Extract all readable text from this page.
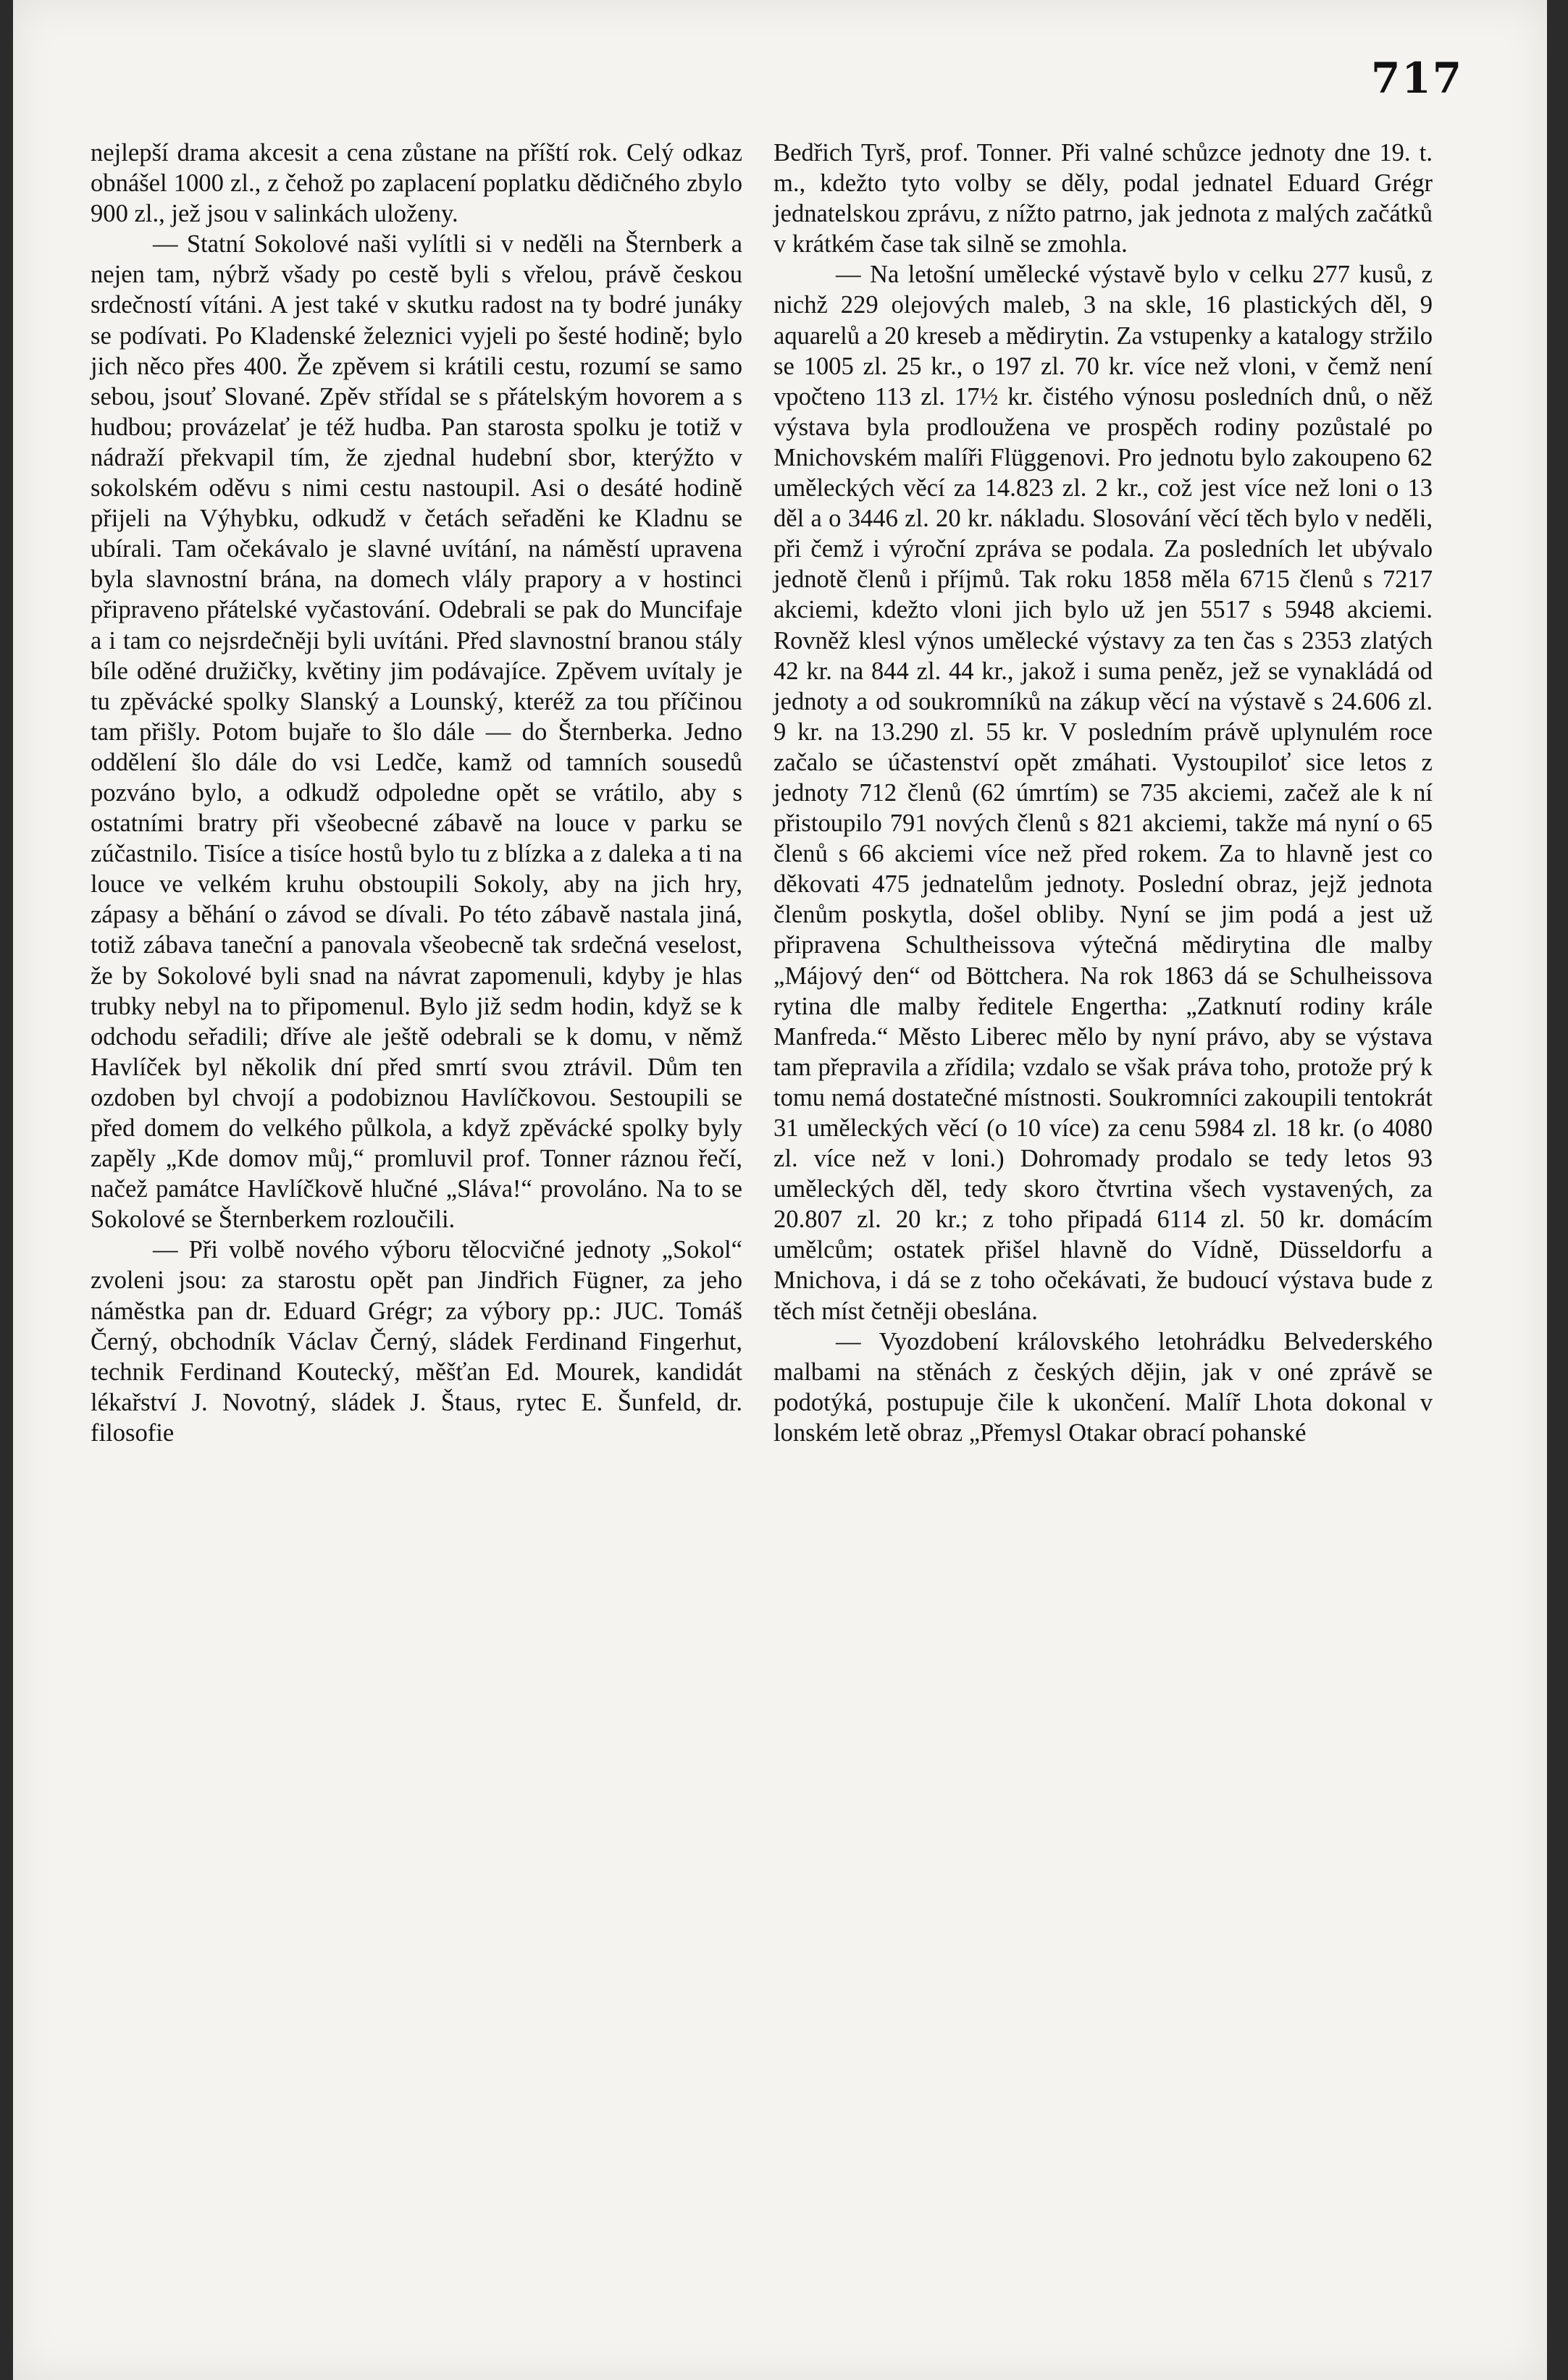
717

nejlepší drama akcesit a cena zůstane na příští rok. Celý odkaz obnášel 1000 zl., z čehož po zaplacení poplatku dědičného zbylo 900 zl., jež jsou v salinkách uloženy.

— Statní Sokolové naši vylítli si v neděli na Šternberk a nejen tam, nýbrž všady po cestě byli s vřelou, právě českou srdečností vítáni. A jest také v skutku radost na ty bodré junáky se podívati. Po Kladenské železnici vyjeli po šesté hodině; bylo jich něco přes 400. Že zpěvem si krátili cestu, rozumí se samo sebou, jsouť Slované. Zpěv střídal se s přátelským hovorem a s hudbou; provázelať je též hudba. Pan starosta spolku je totiž v nádraží překvapil tím, že zjednal hudební sbor, kterýžto v sokolském oděvu s nimi cestu nastoupil. Asi o desáté hodině přijeli na Výhybku, odkudž v četách seřaděni ke Kladnu se ubírali. Tam očekávalo je slavné uvítání, na náměstí upravena byla slavnostní brána, na domech vlály prapory a v hostinci připraveno přátelské vyčastování. Odebrali se pak do Muncifaje a i tam co nejsrdečněji byli uvítáni. Před slavnostní branou stály bíle oděné družičky, květiny jim podávajíce. Zpěvem uvítaly je tu zpěvácké spolky Slanský a Lounský, kteréž za tou příčinou tam přišly. Potom bujaře to šlo dále — do Šternberka. Jedno oddělení šlo dále do vsi Ledče, kamž od tamních sousedů pozváno bylo, a odkudž odpoledne opět se vrátilo, aby s ostatními bratry při všeobecné zábavě na louce v parku se zúčastnilo. Tisíce a tisíce hostů bylo tu z blízka a z daleka a ti na louce ve velkém kruhu obstoupili Sokoly, aby na jich hry, zápasy a běhání o závod se dívali. Po této zábavě nastala jiná, totiž zábava taneční a panovala všeobecně tak srdečná veselost, že by Sokolové byli snad na návrat zapomenuli, kdyby je hlas trubky nebyl na to připomenul. Bylo již sedm hodin, když se k odchodu seřadili; dříve ale ještě odebrali se k domu, v němž Havlíček byl několik dní před smrtí svou ztrávil. Dům ten ozdoben byl chvojí a podobiznou Havlíčkovou. Sestoupili se před domem do velkého půlkola, a když zpěvácké spolky byly zapěly „Kde domov můj,“ promluvil prof. Tonner ráznou řečí, načež památce Havlíčkově hlučné „Sláva!“ provoláno. Na to se Sokolové se Šternberkem rozloučili.

— Při volbě nového výboru tělocvičné jednoty „Sokol“ zvoleni jsou: za starostu opět pan Jindřich Fügner, za jeho náměstka pan dr. Eduard Grégr; za výbory pp.: JUC. Tomáš Černý, obchodník Václav Černý, sládek Ferdinand Fingerhut, technik Ferdinand Koutecký, měšťan Ed. Mourek, kandidát lékařství J. Novotný, sládek J. Štaus, rytec E. Šunfeld, dr. filosofie

Bedřich Tyrš, prof. Tonner. Při valné schůzce jednoty dne 19. t. m., kdežto tyto volby se děly, podal jednatel Eduard Grégr jednatelskou zprávu, z nížto patrno, jak jednota z malých začátků v krátkém čase tak silně se zmohla.

— Na letošní umělecké výstavě bylo v celku 277 kusů, z nichž 229 olejových maleb, 3 na skle, 16 plastických děl, 9 aquarelů a 20 kreseb a mědirytin. Za vstupenky a katalogy stržilo se 1005 zl. 25 kr., o 197 zl. 70 kr. více než vloni, v čemž není vpočteno 113 zl. 17½ kr. čistého výnosu posledních dnů, o něž výstava byla prodloužena ve prospěch rodiny pozůstalé po Mnichovském malíři Flüggenovi. Pro jednotu bylo zakoupeno 62 uměleckých věcí za 14.823 zl. 2 kr., což jest více než loni o 13 děl a o 3446 zl. 20 kr. nákladu. Slosování věcí těch bylo v neděli, při čemž i výroční zpráva se podala. Za posledních let ubývalo jednotě členů i příjmů. Tak roku 1858 měla 6715 členů s 7217 akciemi, kdežto vloni jich bylo už jen 5517 s 5948 akciemi. Rovněž klesl výnos umělecké výstavy za ten čas s 2353 zlatých 42 kr. na 844 zl. 44 kr., jakož i suma peněz, jež se vynakládá od jednoty a od soukromníků na zákup věcí na výstavě s 24.606 zl. 9 kr. na 13.290 zl. 55 kr. V posledním právě uplynulém roce začalo se účastenství opět zmáhati. Vystoupiloť sice letos z jednoty 712 členů (62 úmrtím) se 735 akciemi, začež ale k ní přistoupilo 791 nových členů s 821 akciemi, takže má nyní o 65 členů s 66 akciemi více než před rokem. Za to hlavně jest co děkovati 475 jednatelům jednoty. Poslední obraz, jejž jednota členům poskytla, došel obliby. Nyní se jim podá a jest už připravena Schultheissova výtečná mědirytina dle malby „Májový den“ od Böttchera. Na rok 1863 dá se Schulheissova rytina dle malby ředitele Engertha: „Zatknutí rodiny krále Manfreda.“ Město Liberec mělo by nyní právo, aby se výstava tam přepravila a zřídila; vzdalo se však práva toho, protože prý k tomu nemá dostatečné místnosti. Soukromníci zakoupili tentokrát 31 uměleckých věcí (o 10 více) za cenu 5984 zl. 18 kr. (o 4080 zl. více než v loni.) Dohromady prodalo se tedy letos 93 uměleckých děl, tedy skoro čtvrtina všech vystavených, za 20.807 zl. 20 kr.; z toho připadá 6114 zl. 50 kr. domácím umělcům; ostatek přišel hlavně do Vídně, Düsseldorfu a Mnichova, i dá se z toho očekávati, že budoucí výstava bude z těch míst četněji obeslána.

— Vyozdobení královského letohrádku Belvederského malbami na stěnách z českých dějin, jak v oné zprávě se podotýká, postupuje čile k ukončení. Malíř Lhota dokonal v lonském letě obraz „Přemysl Otakar obrací pohanské
